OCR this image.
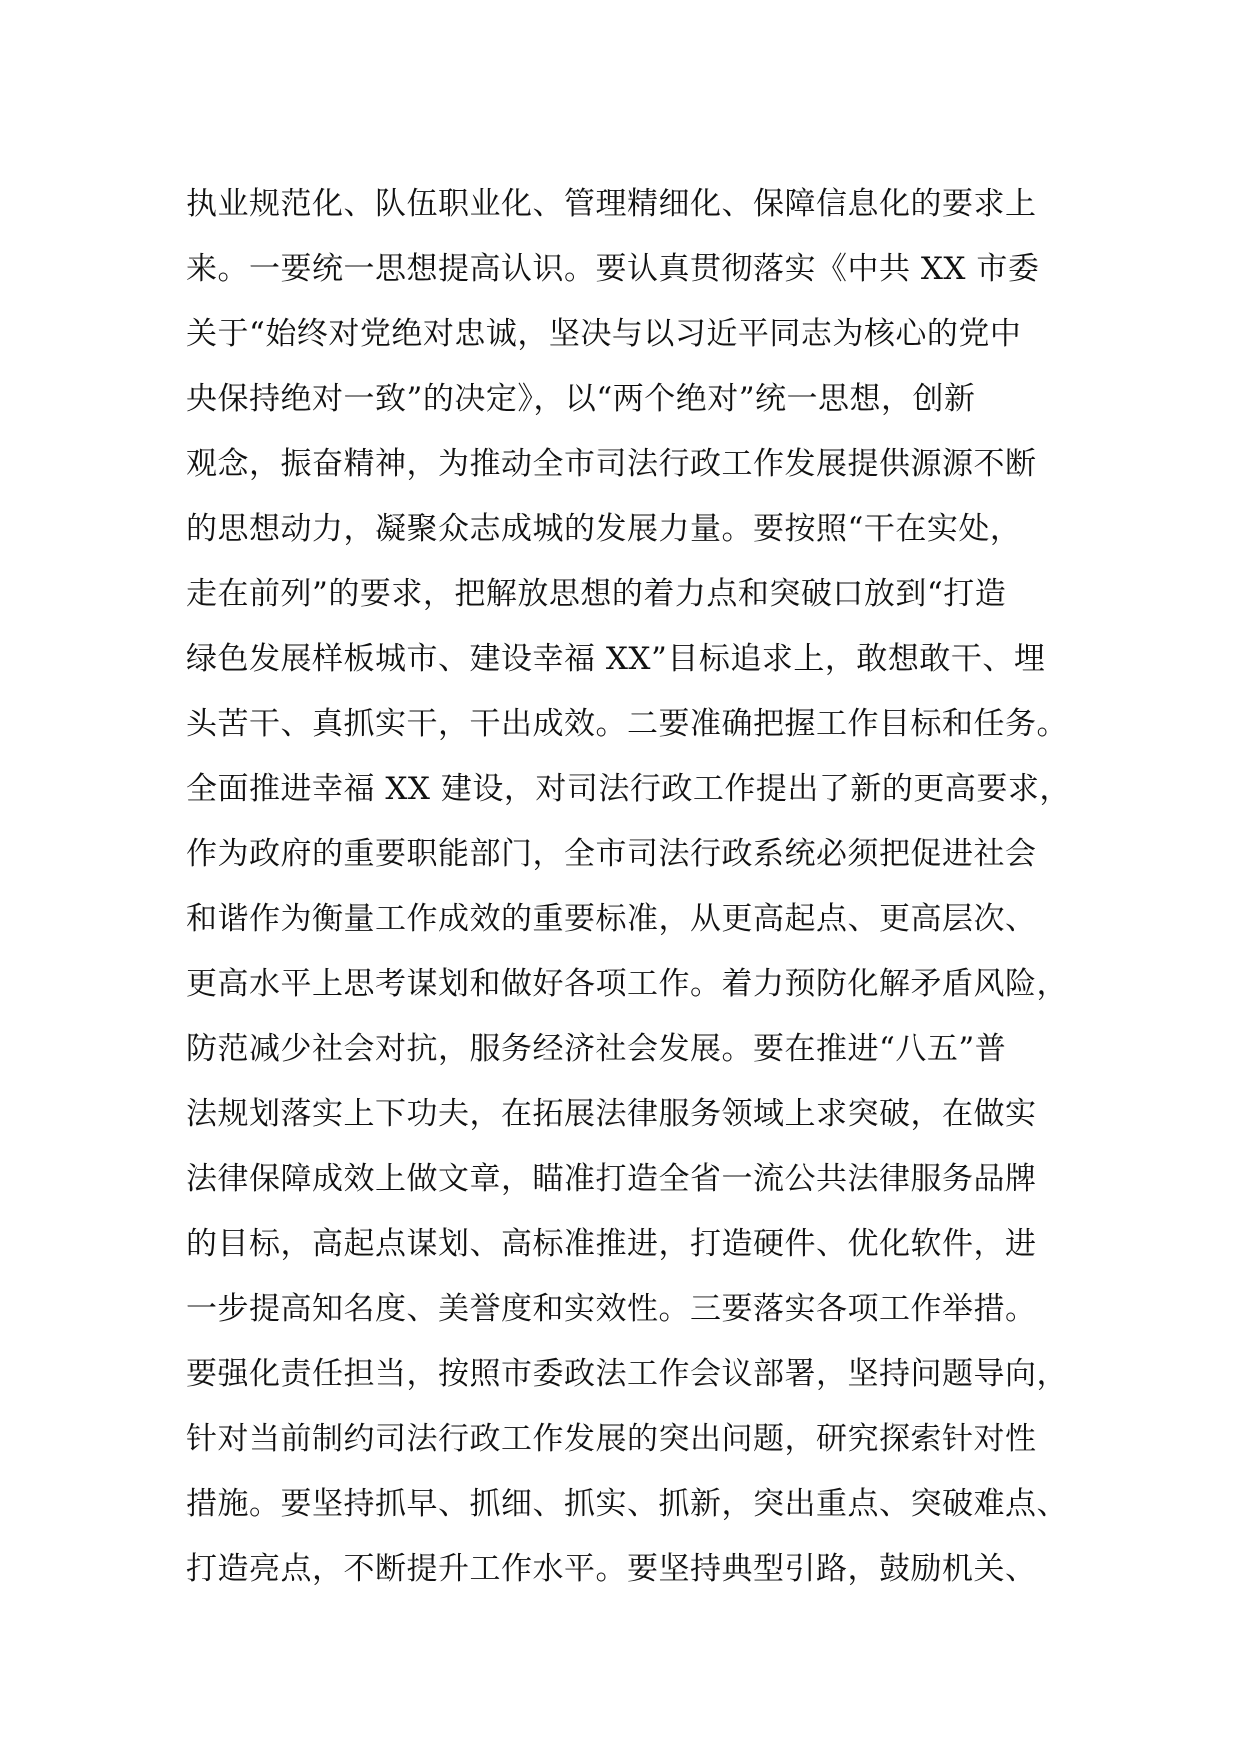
执业规范化、队伍职业化、管理精细化、保障信息化的要求上
来。一要统一思想提高认识。要认真贯彻落实《中共 XX 市委
关于“始终对党绝对忠诚，坚决与以习近平同志为核心的党中
央保持绝对一致”的决定》，以“两个绝对”统一思想，创新
观念，振奋精神，为推动全市司法行政工作发展提供源源不断
的思想动力，凝聚众志成城的发展力量。要按照“干在实处，
走在前列”的要求，把解放思想的着力点和突破口放到“打造
绿色发展样板城市、建设幸福 XX”目标追求上，敢想敢干、埋
头苦干、真抓实干，干出成效。二要准确把握工作目标和任务。
全面推进幸福 XX 建设，对司法行政工作提出了新的更高要求，
作为政府的重要职能部门，全市司法行政系统必须把促进社会
和谐作为衡量工作成效的重要标准，从更高起点、更高层次、
更高水平上思考谋划和做好各项工作。着力预防化解矛盾风险，
防范减少社会对抗，服务经济社会发展。要在推进“八五”普
法规划落实上下功夫，在拓展法律服务领域上求突破，在做实
法律保障成效上做文章，瞄准打造全省一流公共法律服务品牌
的目标，高起点谋划、高标准推进，打造硬件、优化软件，进
一步提高知名度、美誉度和实效性。三要落实各项工作举措。
要强化责任担当，按照市委政法工作会议部署，坚持问题导向，
针对当前制约司法行政工作发展的突出问题，研究探索针对性
措施。要坚持抓早、抓细、抓实、抓新，突出重点、突破难点、
打造亮点，不断提升工作水平。要坚持典型引路，鼓励机关、
